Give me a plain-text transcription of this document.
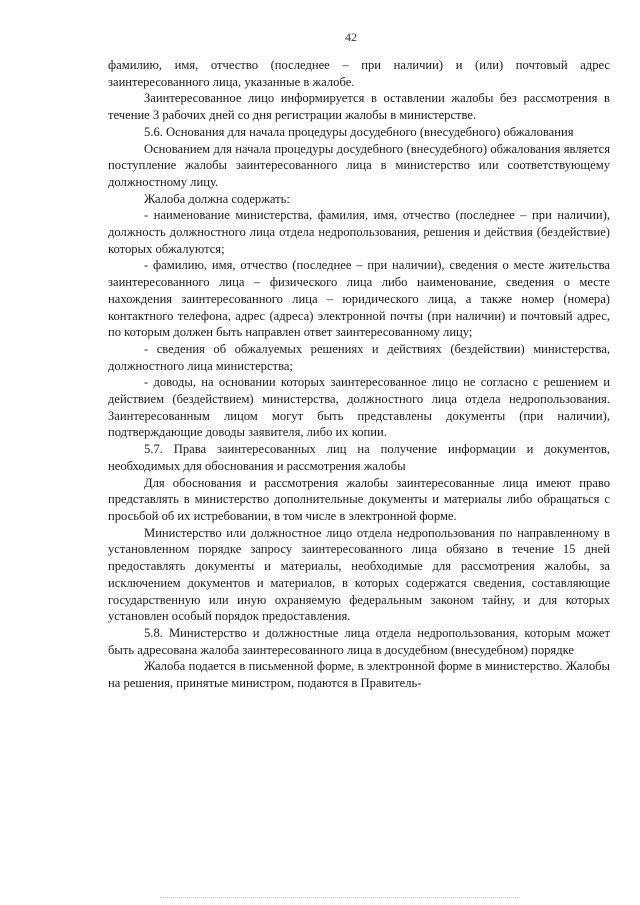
42

фамилию, имя, отчество (последнее – при наличии) и (или) почтовый адрес заинтересованного лица, указанные в жалобе.

Заинтересованное лицо информируется в оставлении жалобы без рассмотрения в течение 3 рабочих дней со дня регистрации жалобы в министерстве.

5.6. Основания для начала процедуры досудебного (внесудебного) обжалования

Основанием для начала процедуры досудебного (внесудебного) обжалования является поступление жалобы заинтересованного лица в министерство или соответствующему должностному лицу.

Жалоба должна содержать:

- наименование министерства, фамилия, имя, отчество (последнее – при наличии), должность должностного лица отдела недропользования, решения и действия (бездействие) которых обжалуются;

- фамилию, имя, отчество (последнее – при наличии), сведения о месте жительства заинтересованного лица – физического лица либо наименование, сведения о месте нахождения заинтересованного лица – юридического лица, а также номер (номера) контактного телефона, адрес (адреса) электронной почты (при наличии) и почтовый адрес, по которым должен быть направлен ответ заинтересованному лицу;

- сведения об обжалуемых решениях и действиях (бездействии) министерства, должностного лица министерства;

- доводы, на основании которых заинтересованное лицо не согласно с решением и действием (бездействием) министерства, должностного лица отдела недропользования. Заинтересованным лицом могут быть представлены документы (при наличии), подтверждающие доводы заявителя, либо их копии.

5.7. Права заинтересованных лиц на получение информации и документов, необходимых для обоснования и рассмотрения жалобы

Для обоснования и рассмотрения жалобы заинтересованные лица имеют право представлять в министерство дополнительные документы и материалы либо обращаться с просьбой об их истребовании, в том числе в электронной форме.

Министерство или должностное лицо отдела недропользования по направленному в установленном порядке запросу заинтересованного лица обязано в течение 15 дней предоставлять документы и материалы, необходимые для рассмотрения жалобы, за исключением документов и материалов, в которых содержатся сведения, составляющие государственную или иную охраняемую федеральным законом тайну, и для которых установлен особый порядок предоставления.

5.8. Министерство и должностные лица отдела недропользования, которым может быть адресована жалоба заинтересованного лица в досудебном (внесудебном) порядке

Жалоба подается в письменной форме, в электронной форме в министерство. Жалобы на решения, принятые министром, подаются в Правитель-
